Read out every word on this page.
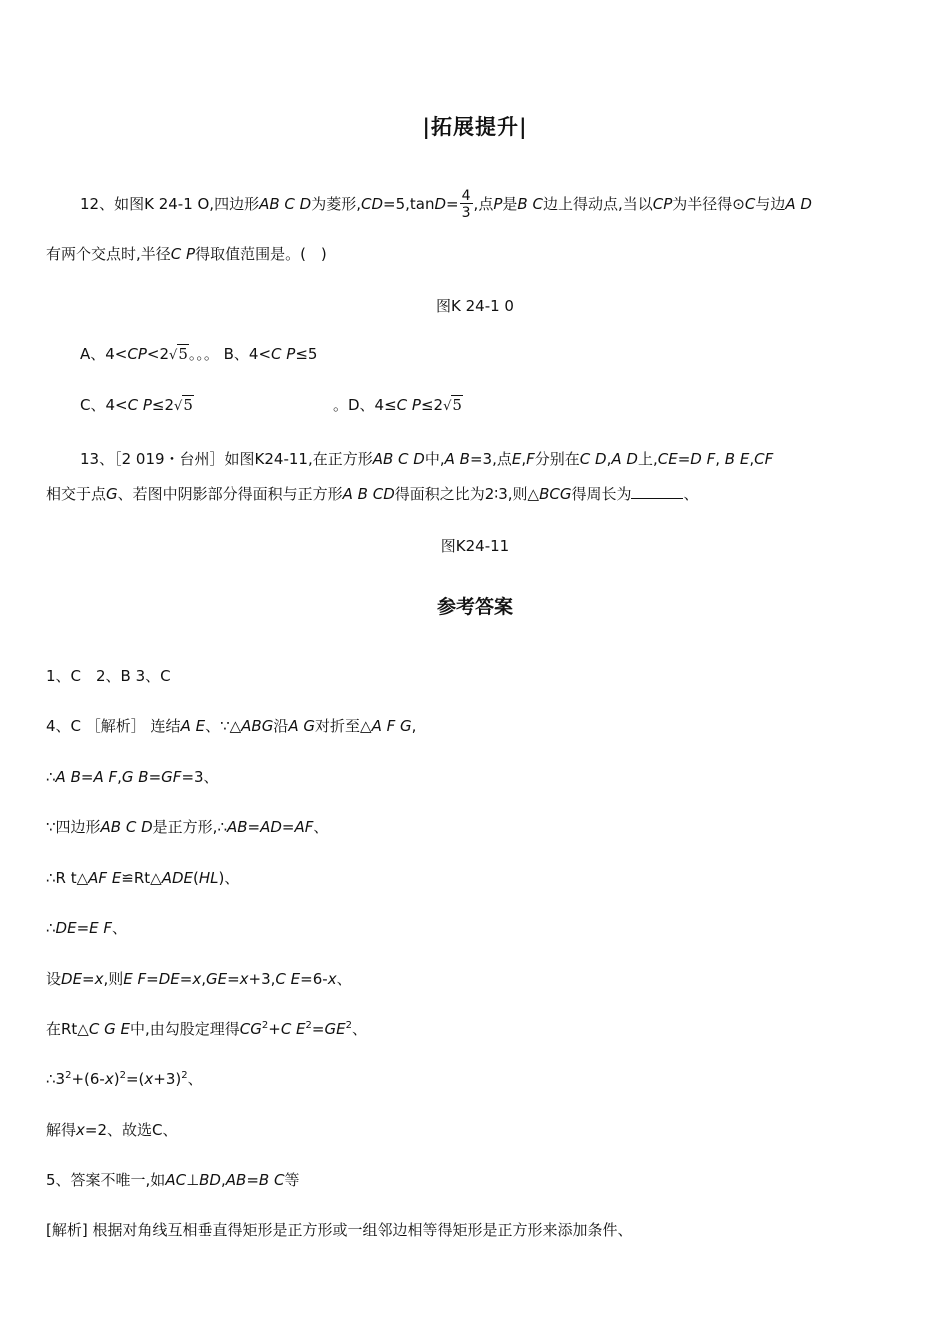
|拓展提升|
12、如图K 24-1 O,四边形AB C D为菱形$,CD=5,\tan D= \frac{4}{3}$ ,点P是B C边上得动点,当以CP为半径得⊙C与边A D
有两个交点时,半径C P得取值范围是。(　)
图K 24-1 0
A、4<CP<2√5。。。 B、4<C P≤5
C、4<C P≤2√5	。D、4≤C P≤2√5
13、［2 019・台州］如图K24-11,在正方形AB C D中,A B=3,点E,F分别在C D,A D上,CE=D F, B E,CF
相交于点G、若图中阴影部分得面积与正方形A B CD得面积之比为2∶3,则△BCG得周长为	、
图K24-11
参考答案
1、C　2、B 3、C
4、C ［解析］ 连结A E、∵△ABG沿A G对折至△A F G,
∴A B=A F,G B=GF=3、
∵四边形AB C D是正方形,∴AB=AD=AF、
∴R t△AF E≌Rt△ADE(HL)、
∴DE=E F、
设DE=x,则E F=DE=x,GE=x+3,C E=6-x、
在Rt△C G E中,由勾股定理得$CG^2+C$ $E^2=GE^2$、
$\therefore 3^2+(6-x)^2=(x+3)^2$、
解得x=2、故选C、
5、答案不唯一,如AC⊥BD,AB=B C等
[解析] 根据对角线互相垂直得矩形是正方形或一组邻边相等得矩形是正方形来添加条件、
